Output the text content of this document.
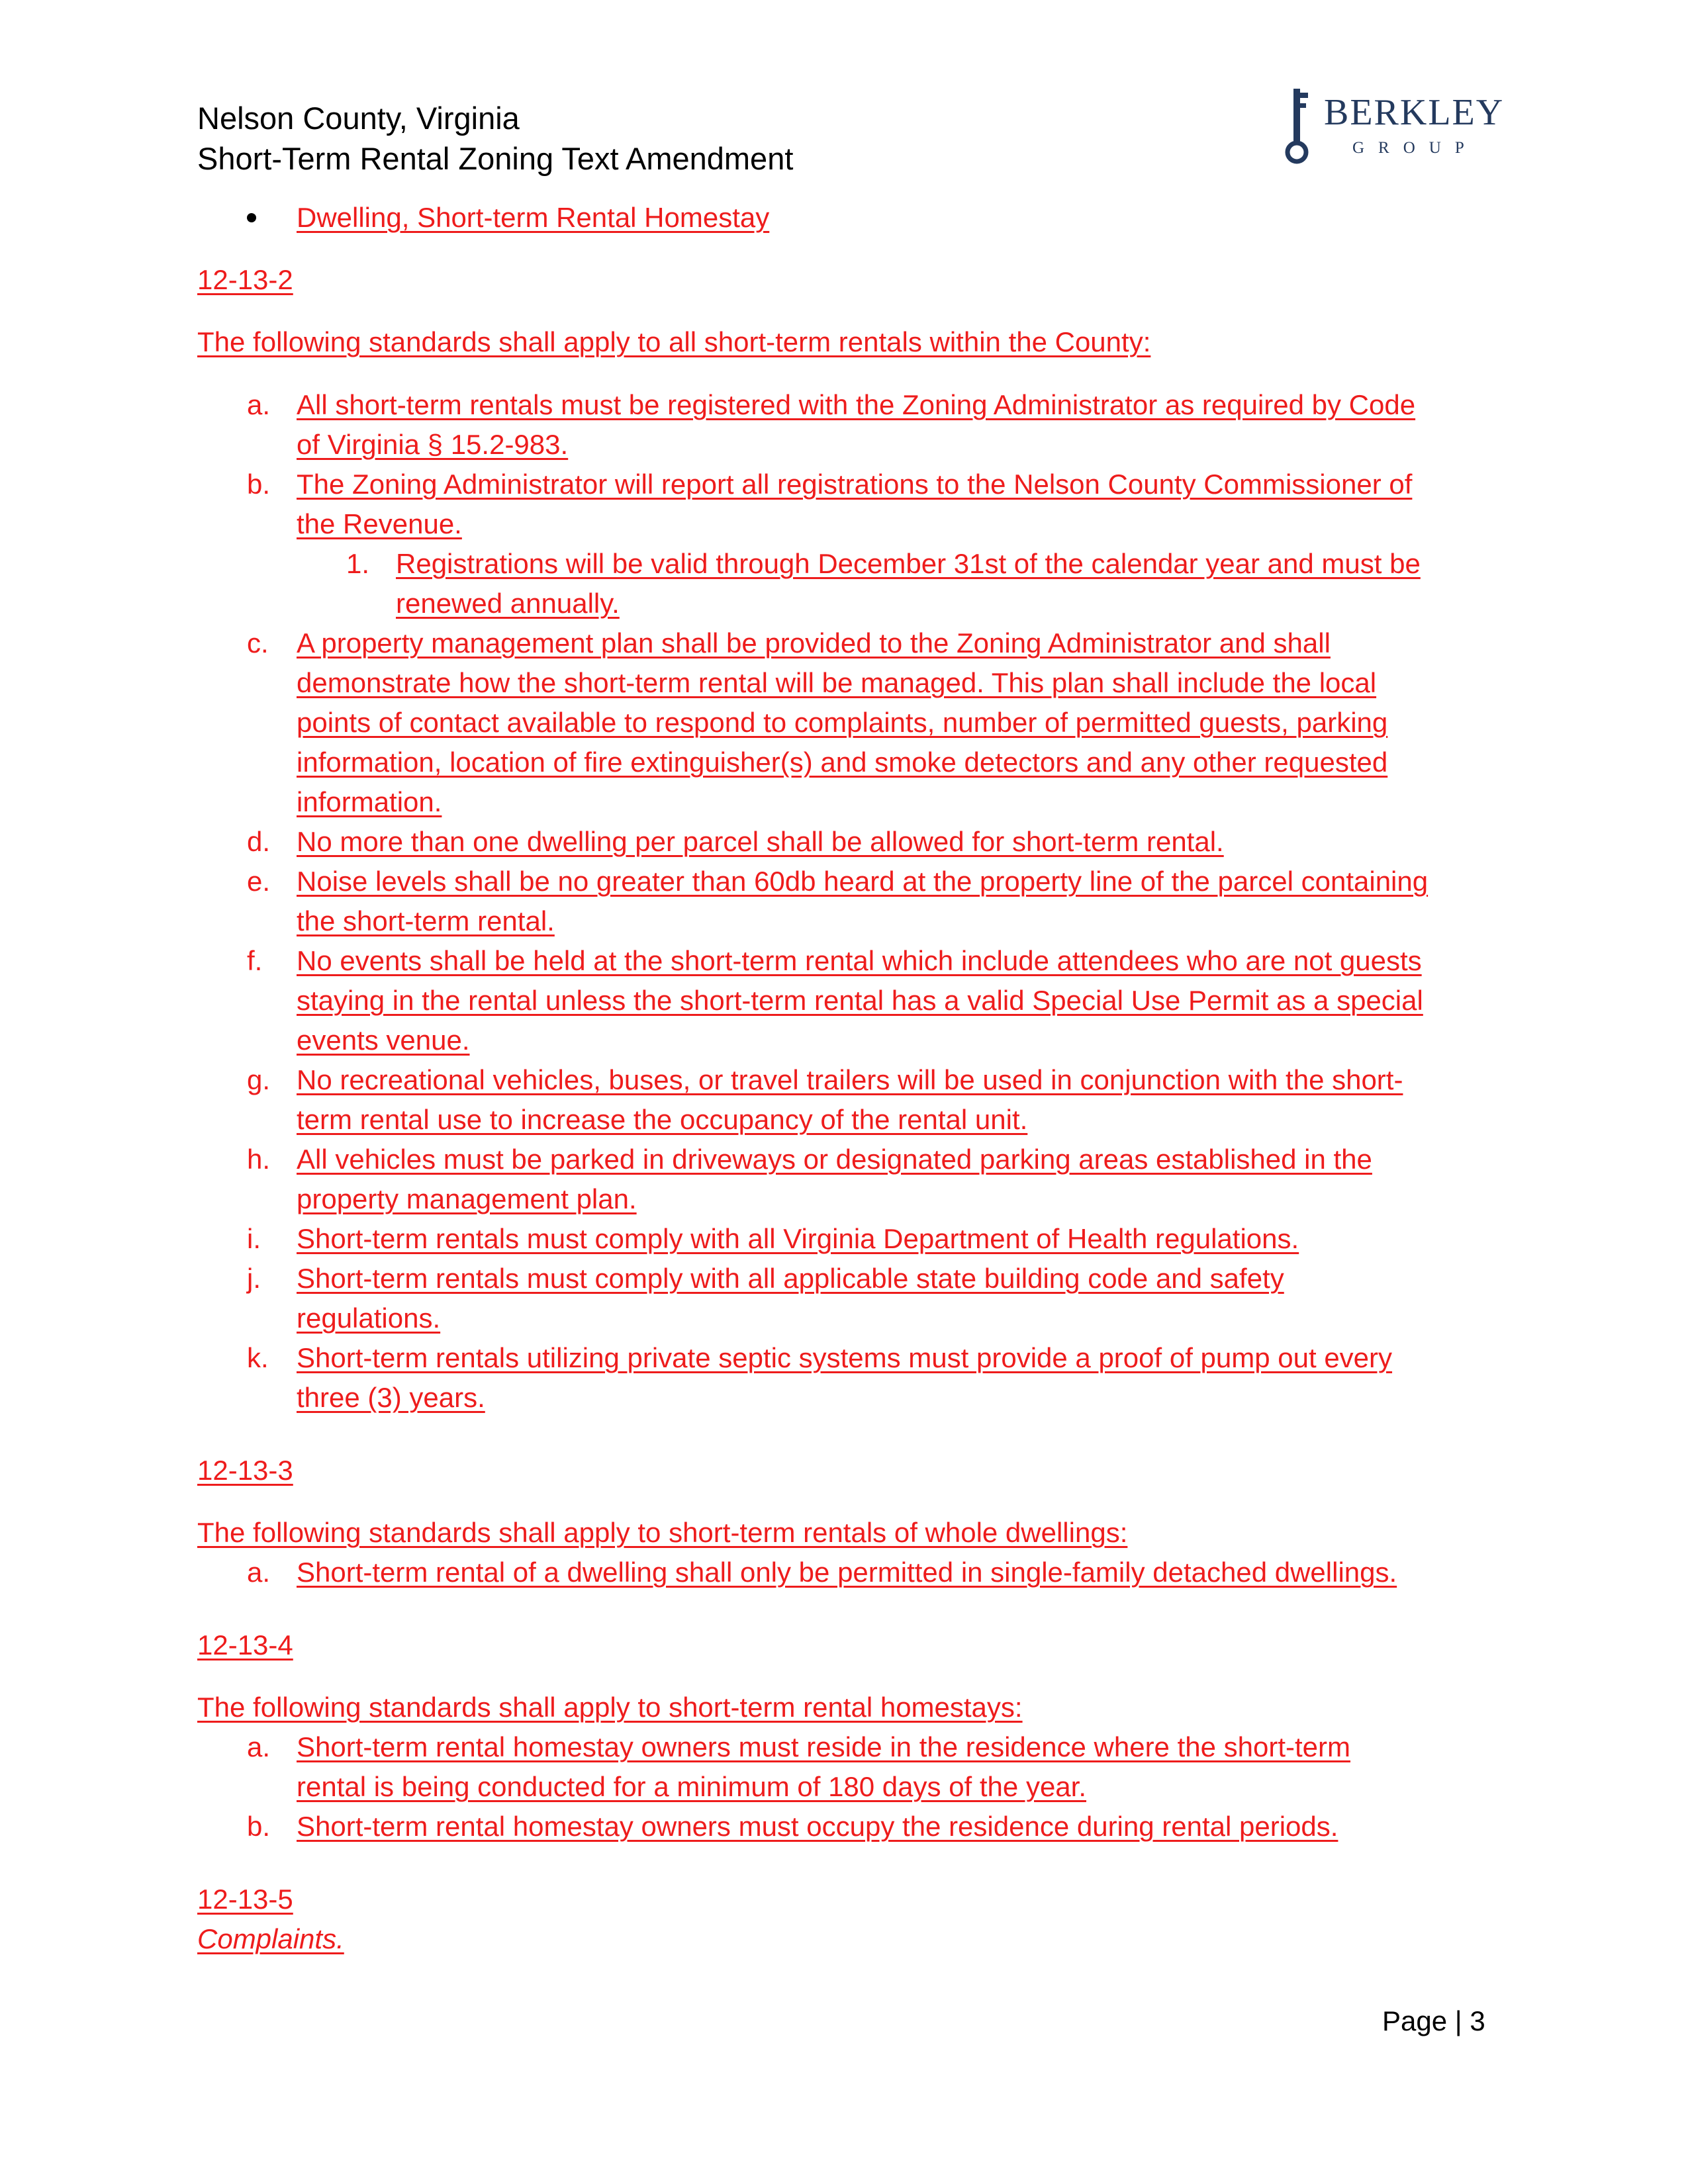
Nelson County, Virginia
Short-Term Rental Zoning Text Amendment
BERKLEY
GROUP
Dwelling, Short-term Rental Homestay
12-13-2
The following standards shall apply to all short-term rentals within the County:
a. All short-term rentals must be registered with the Zoning Administrator as required by Code
of Virginia § 15.2-983.
b. The Zoning Administrator will report all registrations to the Nelson County Commissioner of
the Revenue.
1. Registrations will be valid through December 31st of the calendar year and must be
renewed annually.
c. A property management plan shall be provided to the Zoning Administrator and shall
demonstrate how the short-term rental will be managed. This plan shall include the local
points of contact available to respond to complaints, number of permitted guests, parking
information, location of fire extinguisher(s) and smoke detectors and any other requested
information.
d. No more than one dwelling per parcel shall be allowed for short-term rental.
e. Noise levels shall be no greater than 60db heard at the property line of the parcel containing
the short-term rental.
f. No events shall be held at the short-term rental which include attendees who are not guests
staying in the rental unless the short-term rental has a valid Special Use Permit as a special
events venue.
g. No recreational vehicles, buses, or travel trailers will be used in conjunction with the short-
term rental use to increase the occupancy of the rental unit.
h. All vehicles must be parked in driveways or designated parking areas established in the
property management plan.
i. Short-term rentals must comply with all Virginia Department of Health regulations.
j. Short-term rentals must comply with all applicable state building code and safety
regulations.
k. Short-term rentals utilizing private septic systems must provide a proof of pump out every
three (3) years.
12-13-3
The following standards shall apply to short-term rentals of whole dwellings:
a. Short-term rental of a dwelling shall only be permitted in single-family detached dwellings.
12-13-4
The following standards shall apply to short-term rental homestays:
a. Short-term rental homestay owners must reside in the residence where the short-term
rental is being conducted for a minimum of 180 days of the year.
b. Short-term rental homestay owners must occupy the residence during rental periods.
12-13-5
Complaints.
Page | 3
